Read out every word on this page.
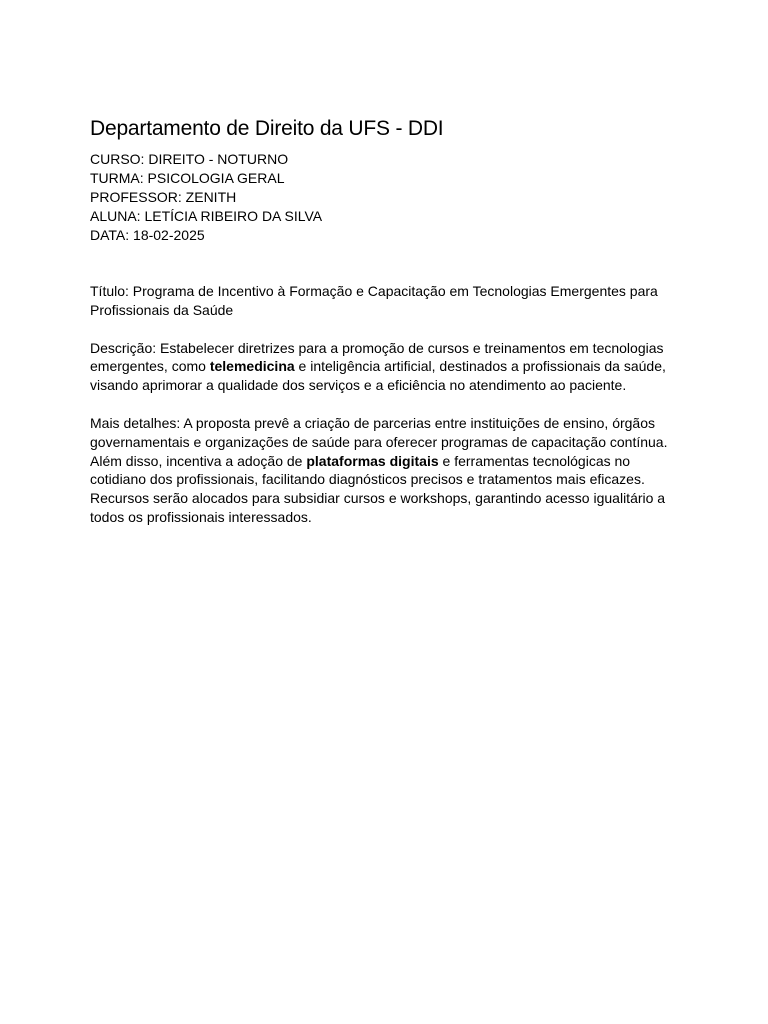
Departamento de Direito da UFS - DDI

CURSO: DIREITO - NOTURNO

TURMA: PSICOLOGIA GERAL

PROFESSOR: ZENITH

ALUNA: LETÍCIA RIBEIRO DA SILVA

DATA: 18-02-2025

Título: Programa de Incentivo à Formação e Capacitação em Tecnologias Emergentes para Profissionais da Saúde

Descrição: Estabelecer diretrizes para a promoção de cursos e treinamentos em tecnologias emergentes, como telemedicina e inteligência artificial, destinados a profissionais da saúde, visando aprimorar a qualidade dos serviços e a eficiência no atendimento ao paciente.

Mais detalhes: A proposta prevê a criação de parcerias entre instituições de ensino, órgãos governamentais e organizações de saúde para oferecer programas de capacitação contínua. Além disso, incentiva a adoção de plataformas digitais e ferramentas tecnológicas no cotidiano dos profissionais, facilitando diagnósticos precisos e tratamentos mais eficazes. Recursos serão alocados para subsidiar cursos e workshops, garantindo acesso igualitário a todos os profissionais interessados.
